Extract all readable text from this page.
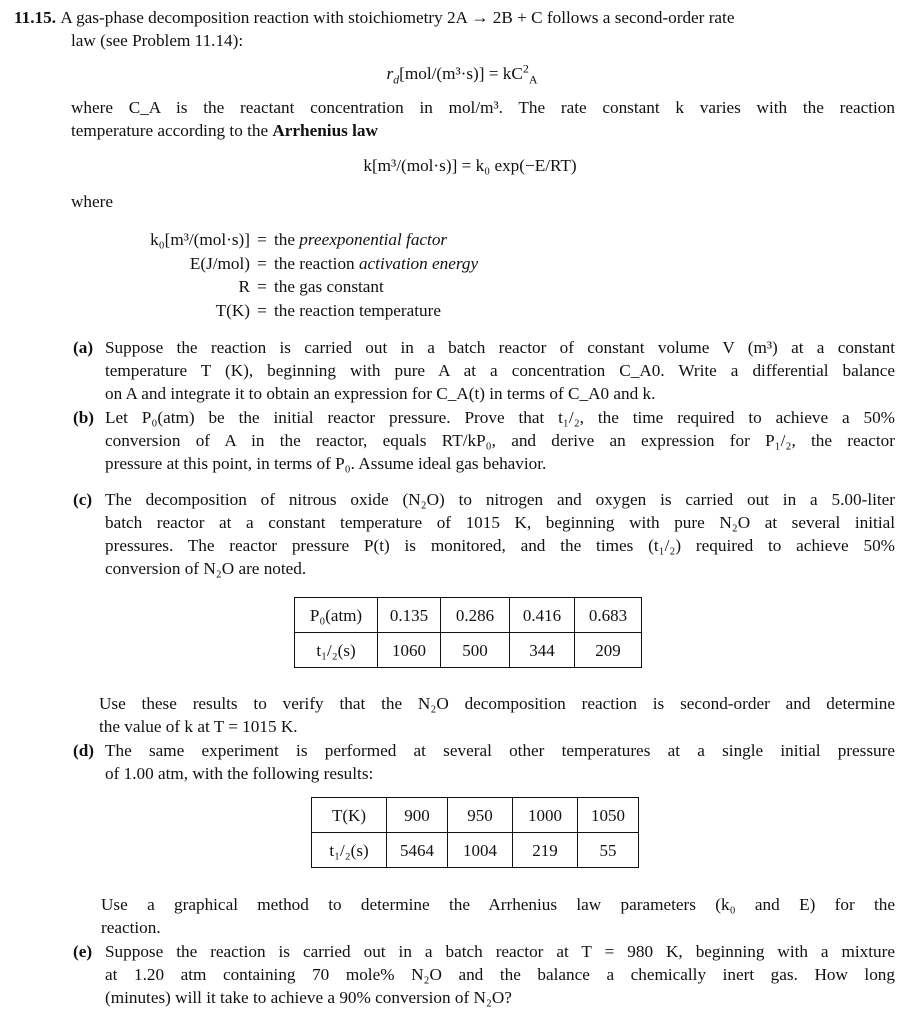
11.15. A gas-phase decomposition reaction with stoichiometry 2A → 2B + C follows a second-order rate
law (see Problem 11.14):
$r_d[mol/(m^3\cdot s)] = kC^2_A$
where C_A is the reactant concentration in mol/m³. The rate constant k varies with the reaction
temperature according to the Arrhenius law
k[m³/(mol·s)] = k₀ exp(−E/RT)
where
k₀[m³/(mol·s)] = the preexponential factor
E(J/mol) = the reaction activation energy
R = the gas constant
T(K) = the reaction temperature
(a) Suppose the reaction is carried out in a batch reactor of constant volume V (m³) at a constant
temperature T (K), beginning with pure A at a concentration C_A0. Write a differential balance
on A and integrate it to obtain an expression for C_A(t) in terms of C_A0 and k.
(b) Let P₀(atm) be the initial reactor pressure. Prove that t₁/₂, the time required to achieve a 50%
conversion of A in the reactor, equals RT/kP₀, and derive an expression for P₁/₂, the reactor
pressure at this point, in terms of P₀. Assume ideal gas behavior.
(c) The decomposition of nitrous oxide (N₂O) to nitrogen and oxygen is carried out in a 5.00-liter
batch reactor at a constant temperature of 1015 K, beginning with pure N₂O at several initial
pressures. The reactor pressure P(t) is monitored, and the times (t₁/₂) required to achieve 50%
conversion of N₂O are noted.
P₀(atm)	0.135	0.286	0.416	0.683
t₁/₂(s)	1060	500	344	209
Use these results to verify that the N₂O decomposition reaction is second-order and determine
the value of k at T = 1015 K.
(d) The same experiment is performed at several other temperatures at a single initial pressure
of 1.00 atm, with the following results:
T(K)	900	950	1000	1050
t₁/₂(s)	5464	1004	219	55
Use a graphical method to determine the Arrhenius law parameters (k₀ and E) for the
reaction.
(e) Suppose the reaction is carried out in a batch reactor at T = 980 K, beginning with a mixture
at 1.20 atm containing 70 mole% N₂O and the balance a chemically inert gas. How long
(minutes) will it take to achieve a 90% conversion of N₂O?
